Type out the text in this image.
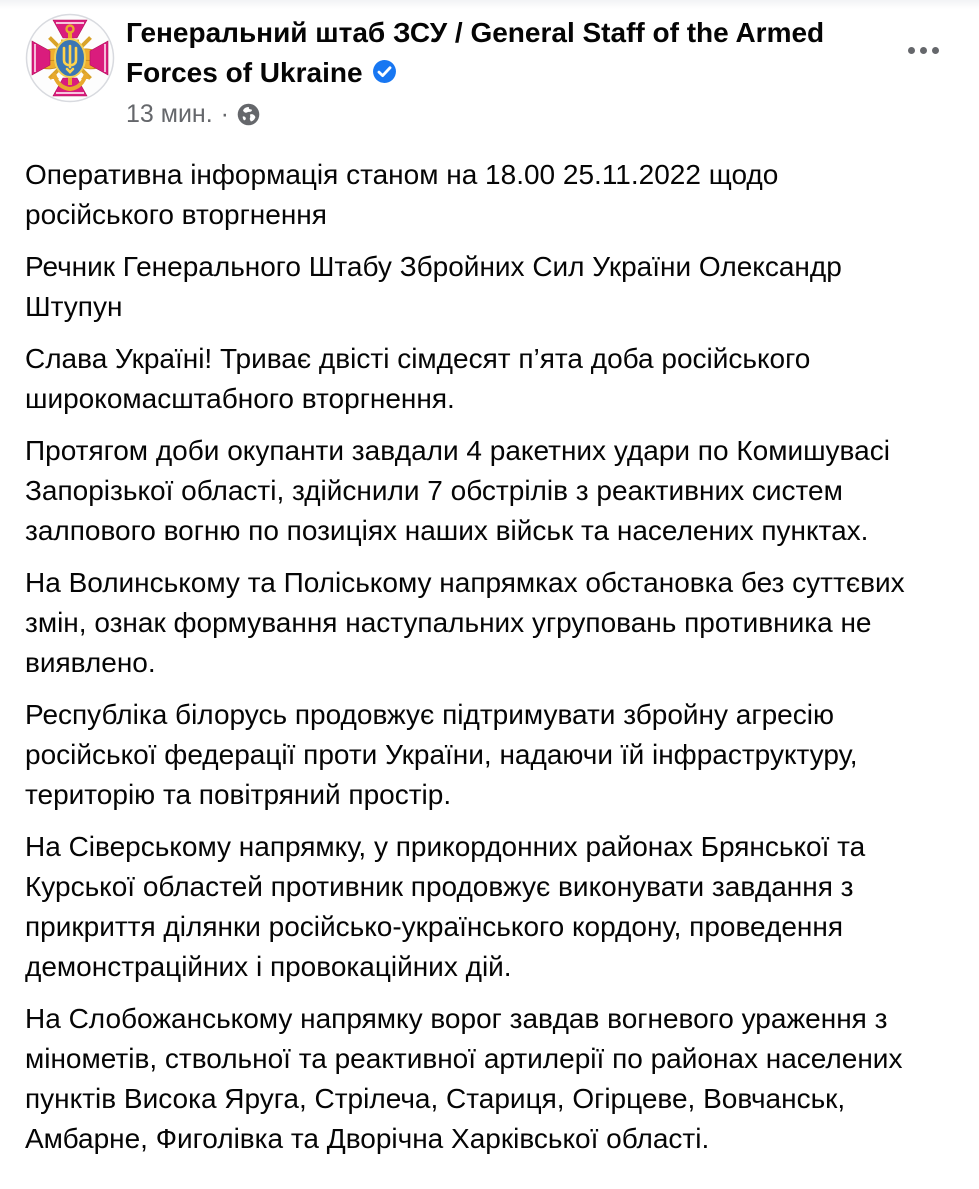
Генеральний штаб ЗСУ / General Staff of the Armed
Forces of Ukraine
13 мин. ·

Оперативна інформація станом на 18.00 25.11.2022 щодо
російського вторгнення

Речник Генерального Штабу Збройних Сил України Олександр
Штупун

Слава Україні! Триває двісті сімдесят п’ята доба російського
широкомасштабного вторгнення.

Протягом доби окупанти завдали 4 ракетних удари по Комишувасі
Запорізької області, здійснили 7 обстрілів з реактивних систем
залпового вогню по позиціях наших військ та населених пунктах.

На Волинському та Поліському напрямках обстановка без суттєвих
змін, ознак формування наступальних угруповань противника не
виявлено.

Республіка білорусь продовжує підтримувати збройну агресію
російської федерації проти України, надаючи їй інфраструктуру,
територію та повітряний простір.

На Сіверському напрямку, у прикордонних районах Брянської та
Курської областей противник продовжує виконувати завдання з
прикриття ділянки російсько-українського кордону, проведення
демонстраційних і провокаційних дій.

На Слобожанському напрямку ворог завдав вогневого ураження з
мінометів, ствольної та реактивної артилерії по районах населених
пунктів Висока Яруга, Стрілеча, Стариця, Огірцеве, Вовчанськ,
Амбарне, Фиголівка та Дворічна Харківської області.
